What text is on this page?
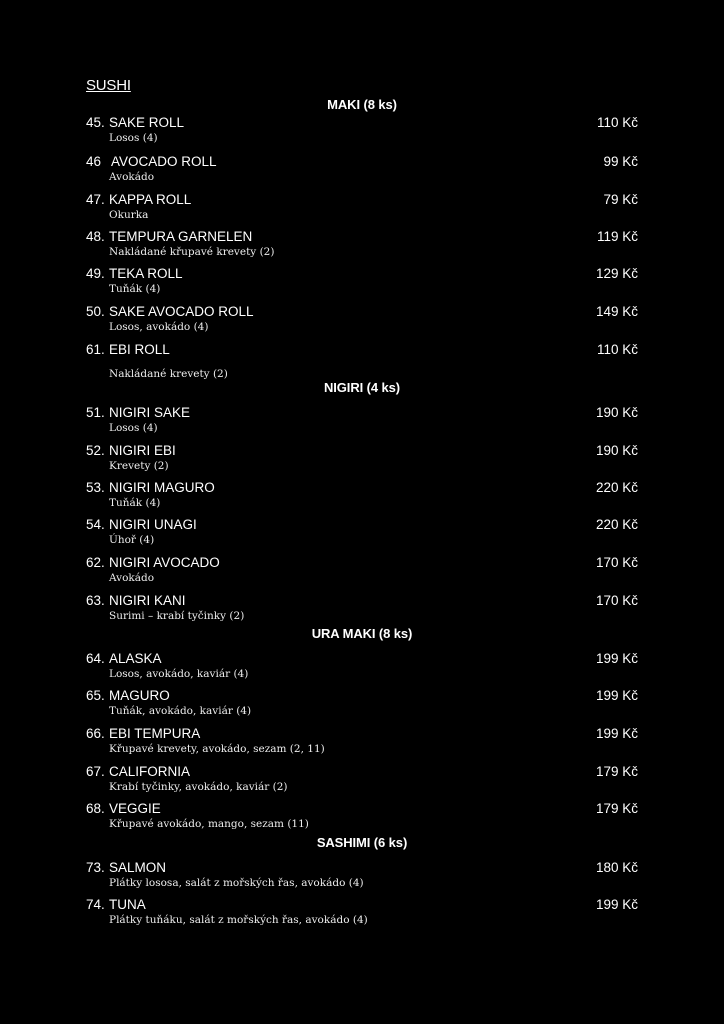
SUSHI
MAKI (8 ks)
45. SAKE ROLL	110 Kč
Losos (4)
46 AVOCADO ROLL	99 Kč
Avokádo
47. KAPPA ROLL	79 Kč
Okurka
48. TEMPURA GARNELEN	119 Kč
Nakládané křupavé krevety (2)
49. TEKA ROLL	129 Kč
Tuňák (4)
50. SAKE AVOCADO ROLL	149 Kč
Losos, avokádo (4)
61. EBI ROLL	110 Kč
Nakládané krevety (2)
NIGIRI (4 ks)
51. NIGIRI SAKE	190 Kč
Losos (4)
52. NIGIRI EBI	190 Kč
Krevety (2)
53. NIGIRI MAGURO	220 Kč
Tuňák (4)
54. NIGIRI UNAGI	220 Kč
Úhoř (4)
62. NIGIRI AVOCADO	170 Kč
Avokádo
63. NIGIRI KANI	170 Kč
Surimi – krabí tyčinky (2)
URA MAKI (8 ks)
64. ALASKA	199 Kč
Losos, avokádo, kaviár (4)
65. MAGURO	199 Kč
Tuňák, avokádo, kaviár (4)
66. EBI TEMPURA	199 Kč
Křupavé krevety, avokádo, sezam (2, 11)
67. CALIFORNIA	179 Kč
Krabí tyčinky, avokádo, kaviár (2)
68. VEGGIE	179 Kč
Křupavé avokádo, mango, sezam (11)
SASHIMI (6 ks)
73. SALMON	180 Kč
Plátky lososa, salát z mořských řas, avokádo (4)
74. TUNA	199 Kč
Plátky tuňáku, salát z mořských řas, avokádo (4)
